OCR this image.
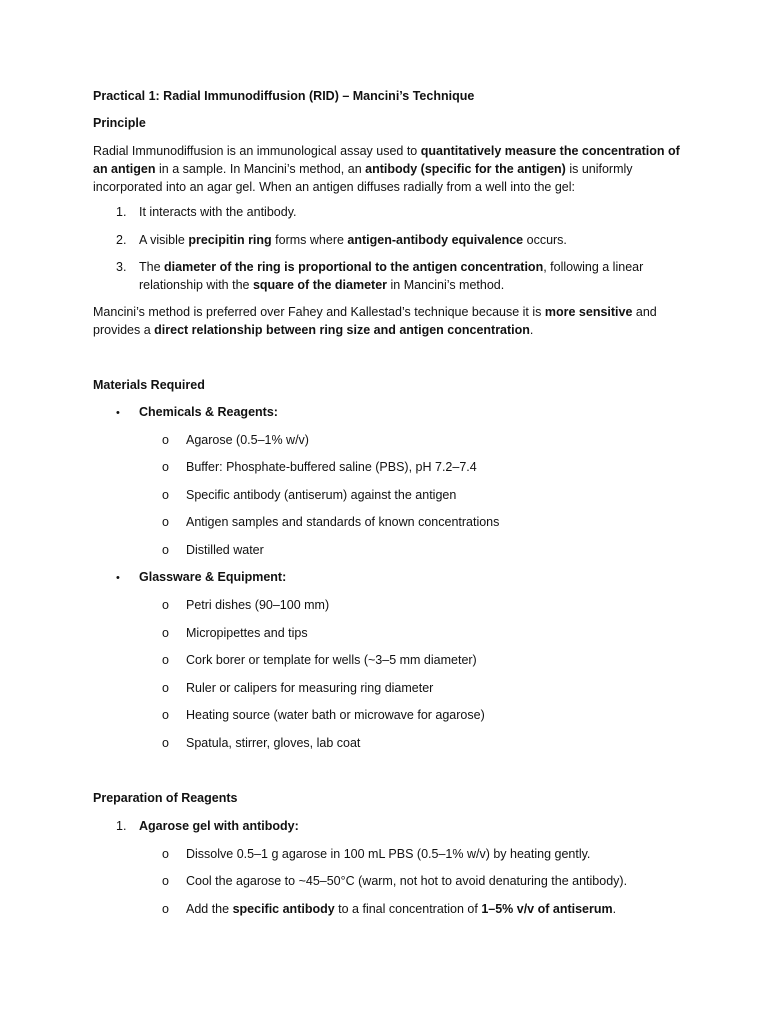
Practical 1: Radial Immunodiffusion (RID) – Mancini’s Technique
Principle
Radial Immunodiffusion is an immunological assay used to quantitatively measure the concentration of an antigen in a sample. In Mancini’s method, an antibody (specific for the antigen) is uniformly incorporated into an agar gel. When an antigen diffuses radially from a well into the gel:
1.	It interacts with the antibody.
2.	A visible precipitin ring forms where antigen-antibody equivalence occurs.
3.	The diameter of the ring is proportional to the antigen concentration, following a linear
relationship with the square of the diameter in Mancini’s method.
Mancini’s method is preferred over Fahey and Kallestad’s technique because it is more sensitive and provides a direct relationship between ring size and antigen concentration.
Materials Required
•	Chemicals & Reagents:
o	Agarose (0.5–1% w/v)
o	Buffer: Phosphate-buffered saline (PBS), pH 7.2–7.4
o	Specific antibody (antiserum) against the antigen
o	Antigen samples and standards of known concentrations
o	Distilled water
•	Glassware & Equipment:
o	Petri dishes (90–100 mm)
o	Micropipettes and tips
o	Cork borer or template for wells (~3–5 mm diameter)
o	Ruler or calipers for measuring ring diameter
o	Heating source (water bath or microwave for agarose)
o	Spatula, stirrer, gloves, lab coat
Preparation of Reagents
1.	Agarose gel with antibody:
o	Dissolve 0.5–1 g agarose in 100 mL PBS (0.5–1% w/v) by heating gently.
o	Cool the agarose to ~45–50°C (warm, not hot to avoid denaturing the antibody).
o	Add the specific antibody to a final concentration of 1–5% v/v of antiserum.
